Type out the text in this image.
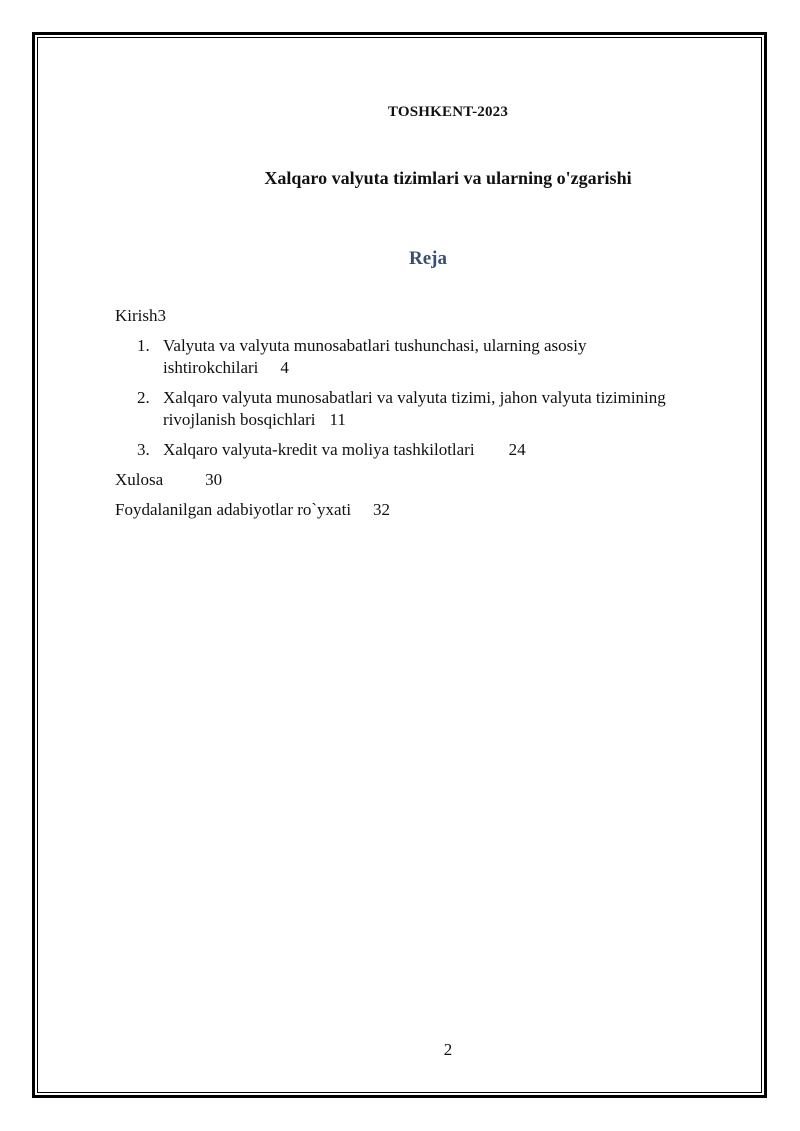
TOSHKENT-2023
Xalqaro valyuta tizimlari va ularning o'zgarishi
Reja
Kirish3
1. Valyuta va valyuta munosabatlari tushunchasi, ularning asosiy
ishtirokchilari 4
2. Xalqaro valyuta munosabatlari va valyuta tizimi, jahon valyuta tizimining
rivojlanish bosqichlari 11
3. Xalqaro valyuta-kredit va moliya tashkilotlari 24
Xulosa 30
Foydalanilgan adabiyotlar ro`yxati 32
2
